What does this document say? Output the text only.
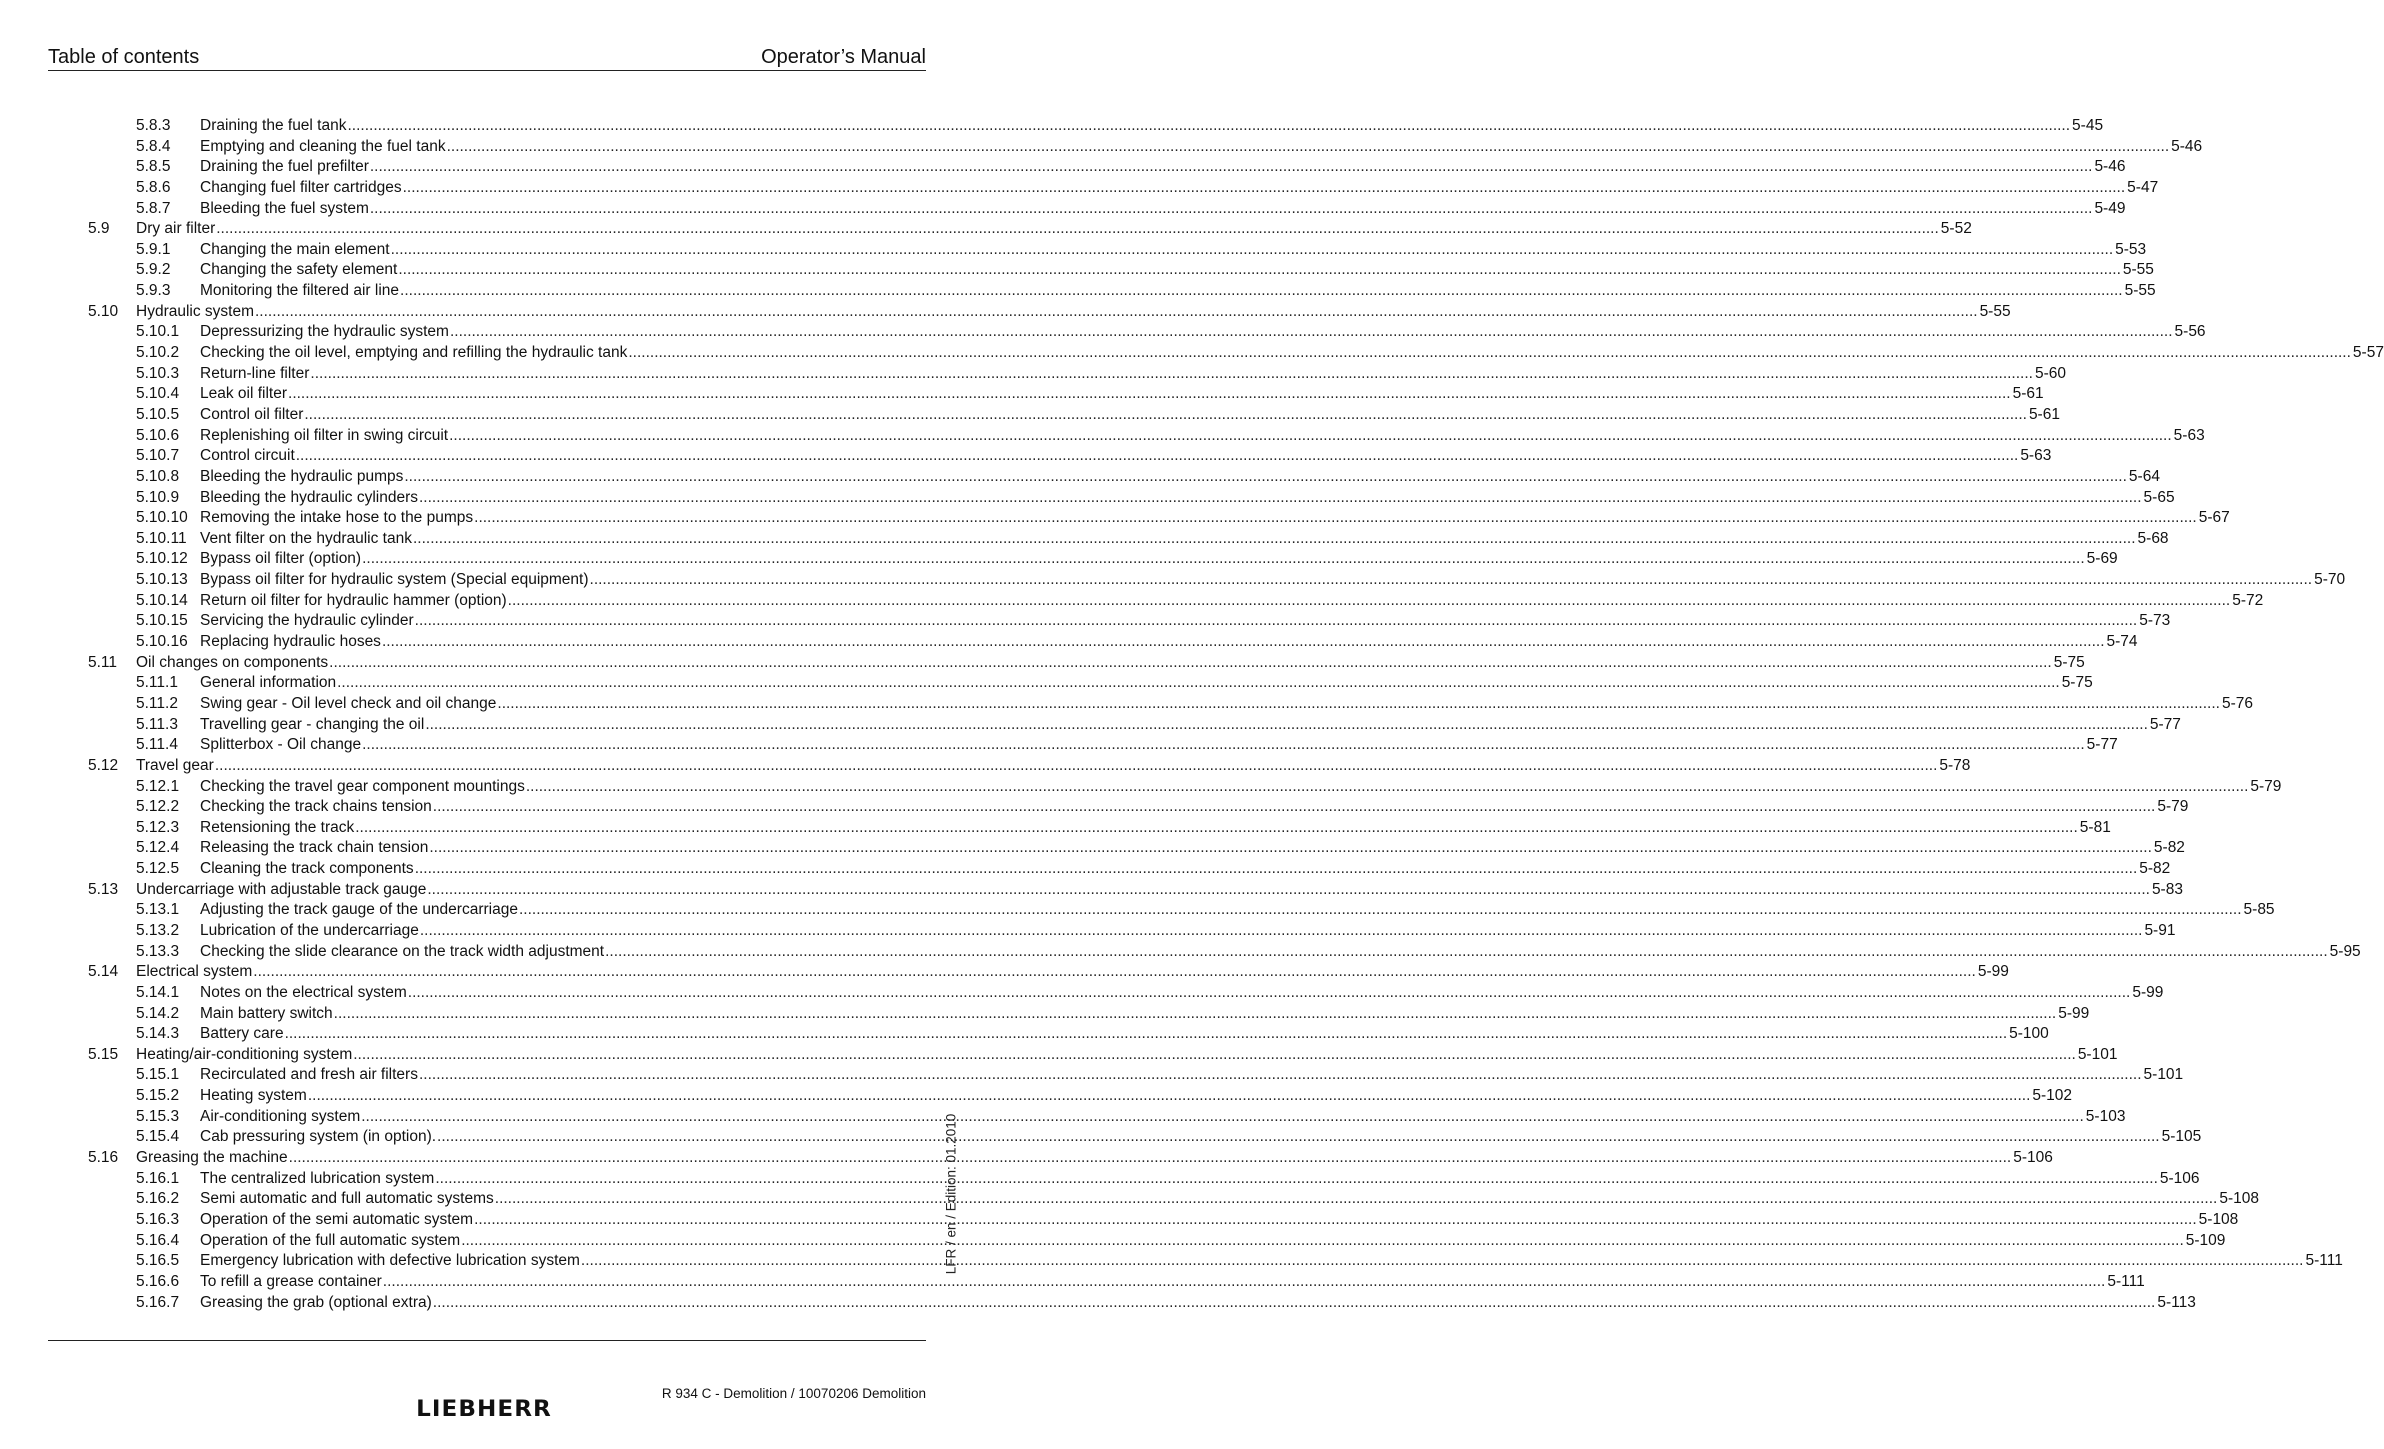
Table of contents	Operator’s Manual
5.8.3	Draining the fuel tank ................................................................................................................................................................................................................................................................................................................................................................................................................ 5-45
5.8.4	Emptying and cleaning the fuel tank ................................................................................................................................................................................................................................................................................................................................................................................................................ 5-46
5.8.5	Draining the fuel prefilter ................................................................................................................................................................................................................................................................................................................................................................................................................ 5-46
5.8.6	Changing fuel filter cartridges ................................................................................................................................................................................................................................................................................................................................................................................................................ 5-47
5.8.7	Bleeding the fuel system ................................................................................................................................................................................................................................................................................................................................................................................................................ 5-49
5.9	Dry air filter ................................................................................................................................................................................................................................................................................................................................................................................................................ 5-52
5.9.1	Changing the main element ................................................................................................................................................................................................................................................................................................................................................................................................................ 5-53
5.9.2	Changing the safety element ................................................................................................................................................................................................................................................................................................................................................................................................................ 5-55
5.9.3	Monitoring the filtered air line ................................................................................................................................................................................................................................................................................................................................................................................................................ 5-55
5.10	Hydraulic system ................................................................................................................................................................................................................................................................................................................................................................................................................ 5-55
5.10.1	Depressurizing the hydraulic system ................................................................................................................................................................................................................................................................................................................................................................................................................ 5-56
5.10.2	Checking the oil level, emptying and refilling the hydraulic tank ................................................................................................................................................................................................................................................................................................................................................................................................................ 5-57
5.10.3	Return-line filter ................................................................................................................................................................................................................................................................................................................................................................................................................ 5-60
5.10.4	Leak oil filter ................................................................................................................................................................................................................................................................................................................................................................................................................ 5-61
5.10.5	Control oil filter ................................................................................................................................................................................................................................................................................................................................................................................................................ 5-61
5.10.6	Replenishing oil filter in swing circuit ................................................................................................................................................................................................................................................................................................................................................................................................................ 5-63
5.10.7	Control circuit ................................................................................................................................................................................................................................................................................................................................................................................................................ 5-63
5.10.8	Bleeding the hydraulic pumps ................................................................................................................................................................................................................................................................................................................................................................................................................ 5-64
5.10.9	Bleeding the hydraulic cylinders ................................................................................................................................................................................................................................................................................................................................................................................................................ 5-65
5.10.10 Removing the intake hose to the pumps ................................................................................................................................................................................................................................................................................................................................................................................................................ 5-67
5.10.11 Vent filter on the hydraulic tank ................................................................................................................................................................................................................................................................................................................................................................................................................ 5-68
5.10.12 Bypass oil filter (option) ................................................................................................................................................................................................................................................................................................................................................................................................................ 5-69
5.10.13 Bypass oil filter for hydraulic system (Special equipment) ................................................................................................................................................................................................................................................................................................................................................................................................................ 5-70
5.10.14 Return oil filter for hydraulic hammer (option) ................................................................................................................................................................................................................................................................................................................................................................................................................ 5-72
5.10.15 Servicing the hydraulic cylinder ................................................................................................................................................................................................................................................................................................................................................................................................................ 5-73
5.10.16 Replacing hydraulic hoses ................................................................................................................................................................................................................................................................................................................................................................................................................ 5-74
5.11	Oil changes on components ................................................................................................................................................................................................................................................................................................................................................................................................................ 5-75
5.11.1	General information ................................................................................................................................................................................................................................................................................................................................................................................................................ 5-75
5.11.2	Swing gear - Oil level check and oil change ................................................................................................................................................................................................................................................................................................................................................................................................................ 5-76
5.11.3	Travelling gear - changing the oil ................................................................................................................................................................................................................................................................................................................................................................................................................ 5-77
5.11.4	Splitterbox - Oil change ................................................................................................................................................................................................................................................................................................................................................................................................................ 5-77
5.12	Travel gear ................................................................................................................................................................................................................................................................................................................................................................................................................ 5-78
5.12.1	Checking the travel gear component mountings ................................................................................................................................................................................................................................................................................................................................................................................................................ 5-79
5.12.2	Checking the track chains tension ................................................................................................................................................................................................................................................................................................................................................................................................................ 5-79
5.12.3	Retensioning the track ................................................................................................................................................................................................................................................................................................................................................................................................................ 5-81
5.12.4	Releasing the track chain tension ................................................................................................................................................................................................................................................................................................................................................................................................................ 5-82
5.12.5	Cleaning the track components ................................................................................................................................................................................................................................................................................................................................................................................................................ 5-82
5.13	Undercarriage with adjustable track gauge ................................................................................................................................................................................................................................................................................................................................................................................................................ 5-83
5.13.1	Adjusting the track gauge of the undercarriage ................................................................................................................................................................................................................................................................................................................................................................................................................ 5-85
5.13.2	Lubrication of the undercarriage ................................................................................................................................................................................................................................................................................................................................................................................................................ 5-91
5.13.3	Checking the slide clearance on the track width adjustment ................................................................................................................................................................................................................................................................................................................................................................................................................ 5-95
5.14	Electrical system ................................................................................................................................................................................................................................................................................................................................................................................................................ 5-99
5.14.1	Notes on the electrical system ................................................................................................................................................................................................................................................................................................................................................................................................................ 5-99
5.14.2	Main battery switch ................................................................................................................................................................................................................................................................................................................................................................................................................ 5-99
5.14.3	Battery care ................................................................................................................................................................................................................................................................................................................................................................................................................ 5-100
5.15	Heating/air-conditioning system ................................................................................................................................................................................................................................................................................................................................................................................................................ 5-101
5.15.1	Recirculated and fresh air filters ................................................................................................................................................................................................................................................................................................................................................................................................................ 5-101
5.15.2	Heating system ................................................................................................................................................................................................................................................................................................................................................................................................................ 5-102
5.15.3	Air-conditioning system ................................................................................................................................................................................................................................................................................................................................................................................................................ 5-103
5.15.4	Cab pressuring system (in option). ................................................................................................................................................................................................................................................................................................................................................................................................................ 5-105
5.16	Greasing the machine ................................................................................................................................................................................................................................................................................................................................................................................................................ 5-106
5.16.1	The centralized lubrication system ................................................................................................................................................................................................................................................................................................................................................................................................................ 5-106
5.16.2	Semi automatic and full automatic systems ................................................................................................................................................................................................................................................................................................................................................................................................................ 5-108
5.16.3	Operation of the semi automatic system ................................................................................................................................................................................................................................................................................................................................................................................................................ 5-108
5.16.4	Operation of the full automatic system ................................................................................................................................................................................................................................................................................................................................................................................................................ 5-109
5.16.5	Emergency lubrication with defective lubrication system ................................................................................................................................................................................................................................................................................................................................................................................................................ 5-111
5.16.6	To refill a grease container ................................................................................................................................................................................................................................................................................................................................................................................................................ 5-111
5.16.7	Greasing the grab (optional extra) ................................................................................................................................................................................................................................................................................................................................................................................................................ 5-113
LFR / en / Edition: 01.2010
LIEBHERR
R 934 C - Demolition / 10070206 Demolition
